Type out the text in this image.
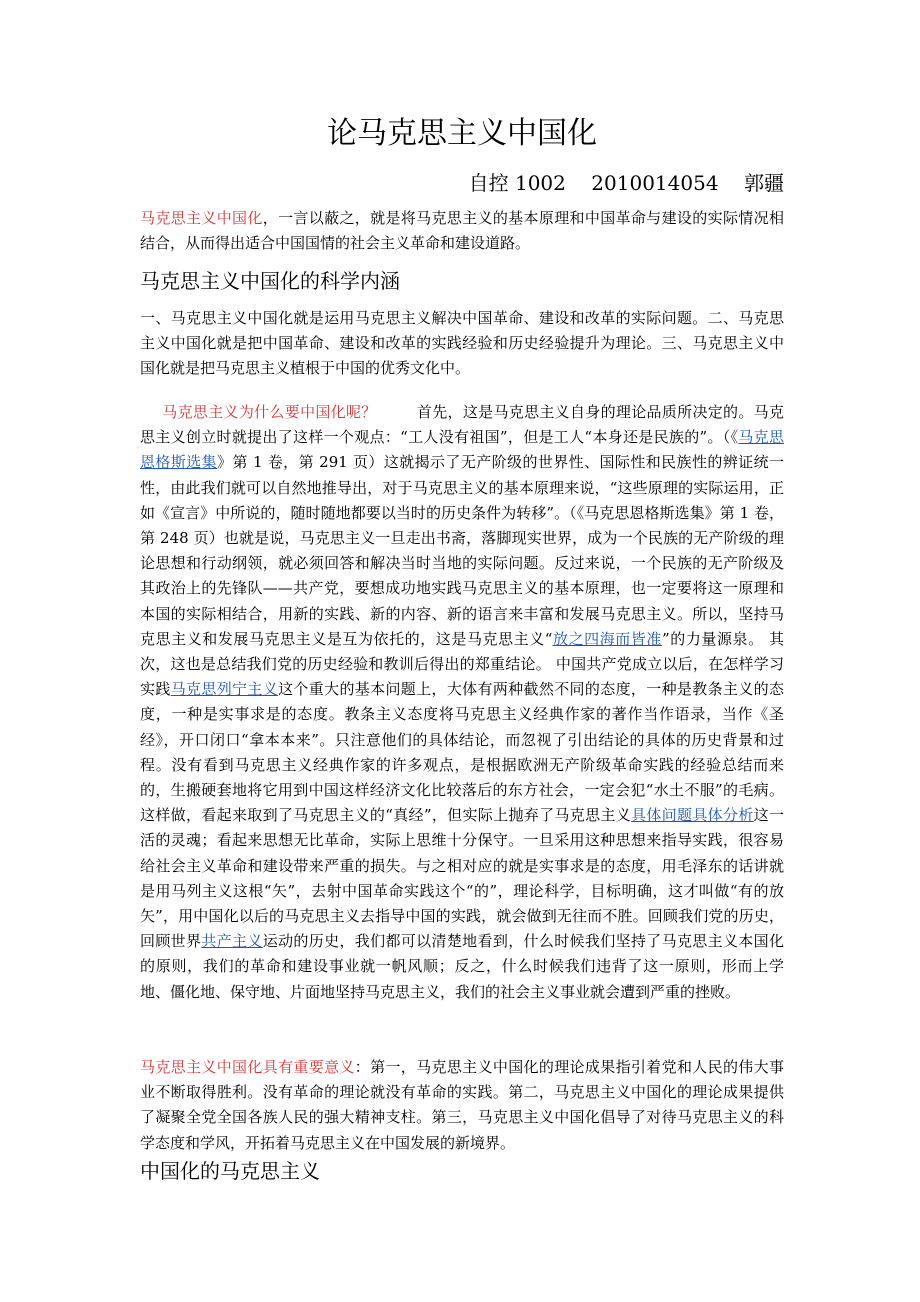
论马克思主义中国化
自控 1002    2010014054    郭疆

马克思主义中国化，一言以蔽之，就是将马克思主义的基本原理和中国革命与建设的实际情况相结合，从而得出适合中国国情的社会主义革命和建设道路。

马克思主义中国化的科学内涵

一、马克思主义中国化就是运用马克思主义解决中国革命、建设和改革的实际问题。二、马克思主义中国化就是把中国革命、建设和改革的实践经验和历史经验提升为理论。三、马克思主义中国化就是把马克思主义植根于中国的优秀文化中。

马克思主义为什么要中国化呢？	首先，这是马克思主义自身的理论品质所决定的。马克思主义创立时就提出了这样一个观点：“工人没有祖国”，但是工人“本身还是民族的”。（《马克思恩格斯选集》第 1 卷，第 291 页）这就揭示了无产阶级的世界性、国际性和民族性的辨证统一性，由此我们就可以自然地推导出，对于马克思主义的基本原理来说，“这些原理的实际运用，正如《宣言》中所说的，随时随地都要以当时的历史条件为转移”。（《马克思恩格斯选集》第 1 卷，第 248 页）也就是说，马克思主义一旦走出书斋，落脚现实世界，成为一个民族的无产阶级的理论思想和行动纲领，就必须回答和解决当时当地的实际问题。反过来说，一个民族的无产阶级及其政治上的先锋队——共产党，要想成功地实践马克思主义的基本原理，也一定要将这一原理和本国的实际相结合，用新的实践、新的内容、新的语言来丰富和发展马克思主义。所以，坚持马克思主义和发展马克思主义是互为依托的，这是马克思主义“放之四海而皆准”的力量源泉。 其次，这也是总结我们党的历史经验和教训后得出的郑重结论。 中国共产党成立以后，在怎样学习实践马克思列宁主义这个重大的基本问题上，大体有两种截然不同的态度，一种是教条主义的态度，一种是实事求是的态度。教条主义态度将马克思主义经典作家的著作当作语录，当作《圣经》，开口闭口“拿本本来”。只注意他们的具体结论，而忽视了引出结论的具体的历史背景和过程。没有看到马克思主义经典作家的许多观点，是根据欧洲无产阶级革命实践的经验总结而来的，生搬硬套地将它用到中国这样经济文化比较落后的东方社会，一定会犯“水土不服”的毛病。这样做，看起来取到了马克思主义的“真经”，但实际上抛弃了马克思主义具体问题具体分析这一活的灵魂；看起来思想无比革命，实际上思维十分保守。一旦采用这种思想来指导实践，很容易给社会主义革命和建设带来严重的损失。与之相对应的就是实事求是的态度，用毛泽东的话讲就是用马列主义这根“矢”，去射中国革命实践这个“的”，理论科学，目标明确，这才叫做“有的放矢”，用中国化以后的马克思主义去指导中国的实践，就会做到无往而不胜。回顾我们党的历史，回顾世界共产主义运动的历史，我们都可以清楚地看到，什么时候我们坚持了马克思主义本国化的原则，我们的革命和建设事业就一帆风顺；反之，什么时候我们违背了这一原则，形而上学地、僵化地、保守地、片面地坚持马克思主义，我们的社会主义事业就会遭到严重的挫败。

马克思主义中国化具有重要意义：第一，马克思主义中国化的理论成果指引着党和人民的伟大事业不断取得胜利。没有革命的理论就没有革命的实践。第二，马克思主义中国化的理论成果提供了凝聚全党全国各族人民的强大精神支柱。第三，马克思主义中国化倡导了对待马克思主义的科学态度和学风，开拓着马克思主义在中国发展的新境界。

中国化的马克思主义
